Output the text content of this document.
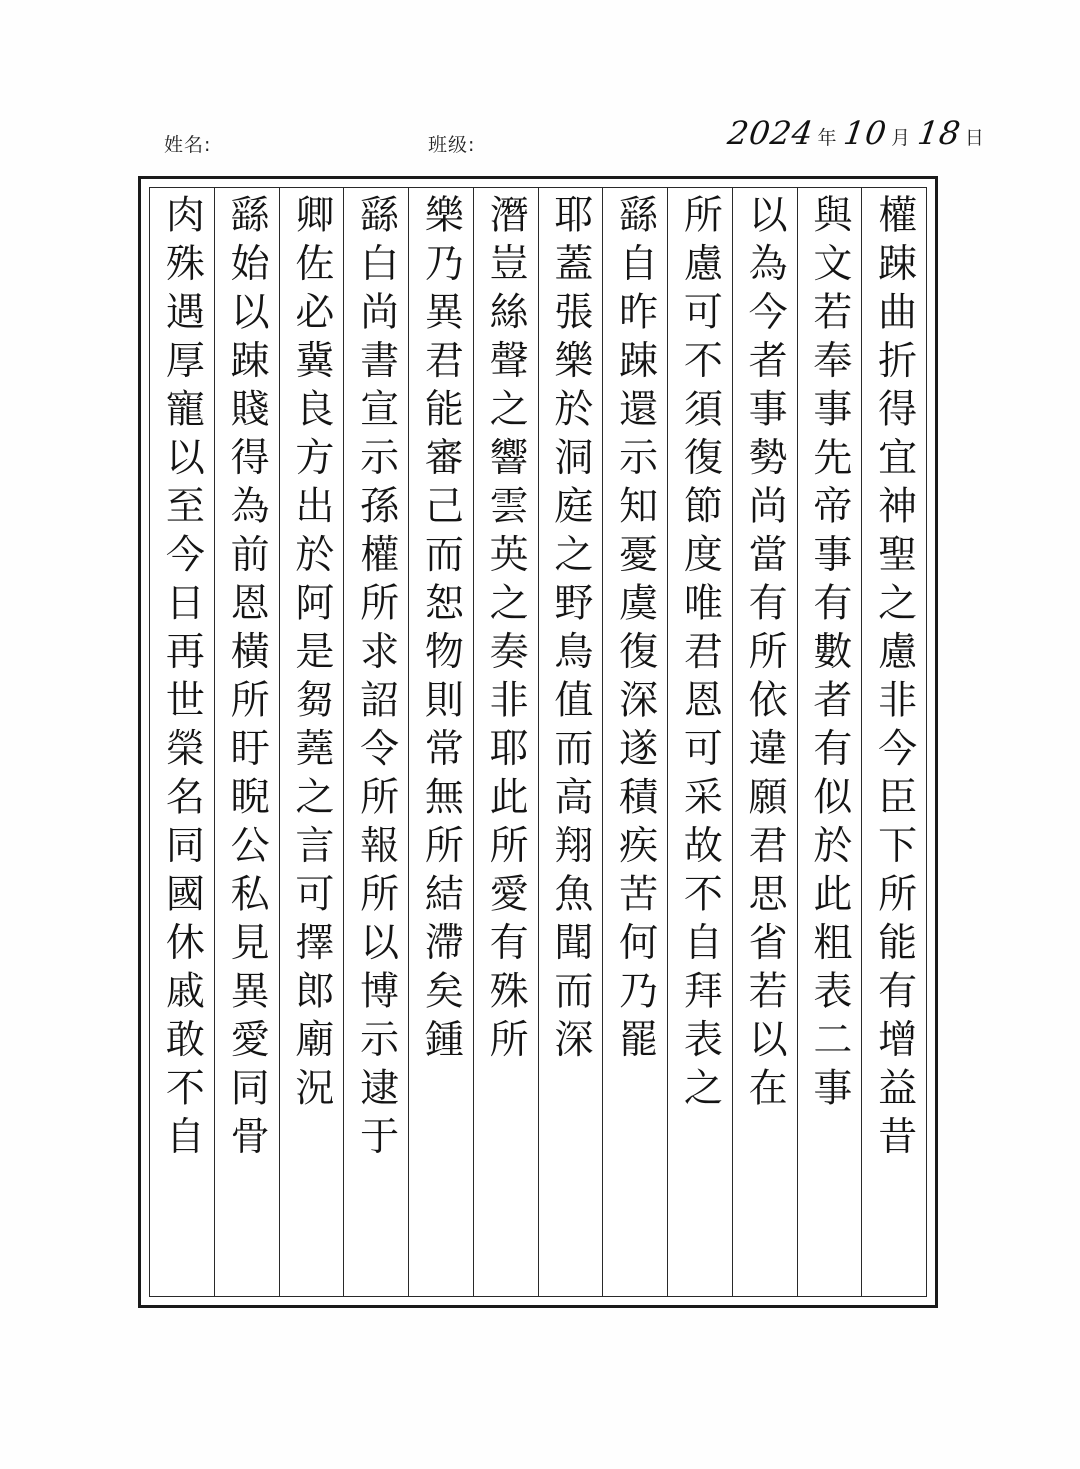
姓名:	班级:	2024 年 10 月 18 日
權踈曲折得宜神聖之慮非今臣下所能有增益昔
與文若奉事先帝事有數者有似於此粗表二事
以為今者事勢尚當有所依違願君思省若以在
所慮可不須復節度唯君恩可采故不自拜表之
繇自昨踈還示知憂虞復深遂積疾苦何乃罷
耶蓋張樂於洞庭之野鳥值而高翔魚聞而深
潛豈絲聲之響雲英之奏非耶此所愛有殊所
樂乃異君能審己而恕物則常無所結滯矣鍾
繇白尚書宣示孫權所求詔令所報所以博示逮于
卿佐必冀良方出於阿是芻蕘之言可擇郎廟況
繇始以踈賤得為前恩橫所盱睨公私見異愛同骨
肉殊遇厚寵以至今日再世榮名同國休戚敢不自
